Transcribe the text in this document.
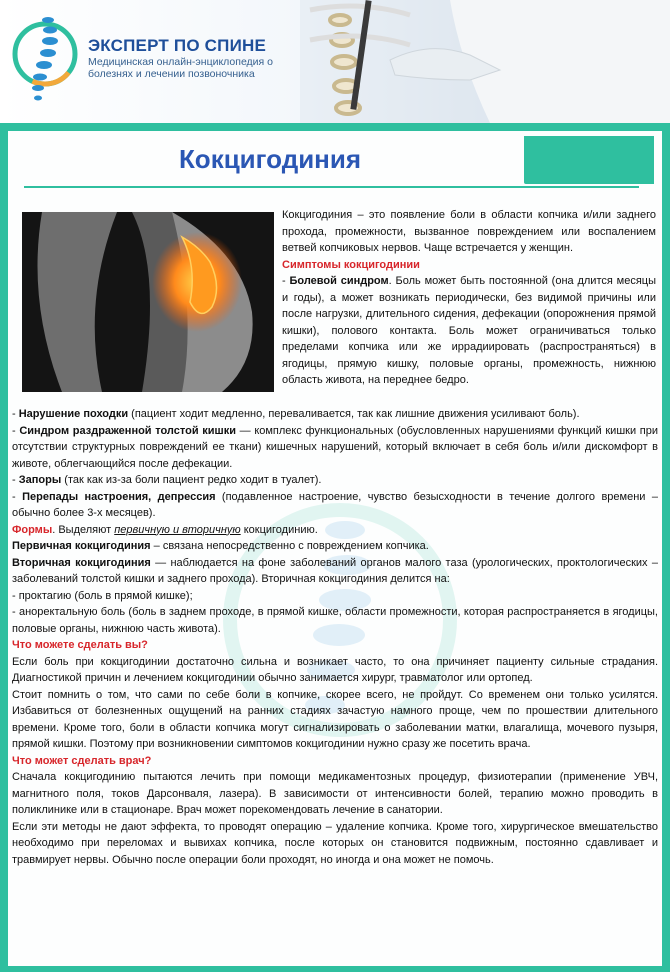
ЭКСПЕРТ ПО СПИНЕ
Медицинская онлайн-энциклопедия о болезнях и лечении позвоночника
Кокцигодиния
Кокцигодиния – это появление боли в области копчика и/или заднего прохода, промежности, вызванное повреждением или воспалением ветвей копчиковых нервов. Чаще встречается у женщин.
Симптомы кокцигодинии
- Болевой синдром. Боль может быть постоянной (она длится месяцы и годы), а может возникать периодически, без видимой причины или после нагрузки, длительного сидения, дефекации (опорожнения прямой кишки), полового контакта. Боль может ограничиваться только пределами копчика или же иррадиировать (распространяться) в ягодицы, прямую кишку, половые органы, промежность, нижнюю область живота, на переднее бедро.
- Нарушение походки (пациент ходит медленно, переваливается, так как лишние движения усиливают боль).
- Синдром раздраженной толстой кишки — комплекс функциональных (обусловленных нарушениями функций кишки при отсутствии структурных повреждений ее ткани) кишечных нарушений, который включает в себя боль и/или дискомфорт в животе, облегчающийся после дефекации.
- Запоры (так как из-за боли пациент редко ходит в туалет).
- Перепады настроения, депрессия (подавленное настроение, чувство безысходности в течение долгого времени – обычно более 3-х месяцев).
Формы. Выделяют первичную и вторичную кокцигодинию.
Первичная кокцигодиния – связана непосредственно с повреждением копчика.
Вторичная кокцигодиния — наблюдается на фоне заболеваний органов малого таза (урологических, проктологических – заболеваний толстой кишки и заднего прохода). Вторичная кокцигодиния делится на:
- проктагию (боль в прямой кишке);
- аноректальную боль (боль в заднем проходе, в прямой кишке, области промежности, которая распространяется в ягодицы, половые органы, нижнюю часть живота).
Что можете сделать вы?
Если боль при кокцигодинии достаточно сильна и возникает часто, то она причиняет пациенту сильные страдания. Диагностикой причин и лечением кокцигодинии обычно занимается хирург, травматолог или ортопед.
Стоит помнить о том, что сами по себе боли в копчике, скорее всего, не пройдут. Со временем они только усилятся. Избавиться от болезненных ощущений на ранних стадиях зачастую намного проще, чем по прошествии длительного времени. Кроме того, боли в области копчика могут сигнализировать о заболевании матки, влагалища, мочевого пузыря, прямой кишки. Поэтому при возникновении симптомов кокцигодинии нужно сразу же посетить врача.
Что может сделать врач?
Сначала кокцигодинию пытаются лечить при помощи медикаментозных процедур, физиотерапии (применение УВЧ, магнитного поля, токов Дарсонваля, лазера). В зависимости от интенсивности болей, терапию можно проводить в поликлинике или в стационаре. Врач может порекомендовать лечение в санатории.
Если эти методы не дают эффекта, то проводят операцию – удаление копчика. Кроме того, хирургическое вмешательство необходимо при переломах и вывихах копчика, после которых он становится подвижным, постоянно сдавливает и травмирует нервы. Обычно после операции боли проходят, но иногда и она может не помочь.
